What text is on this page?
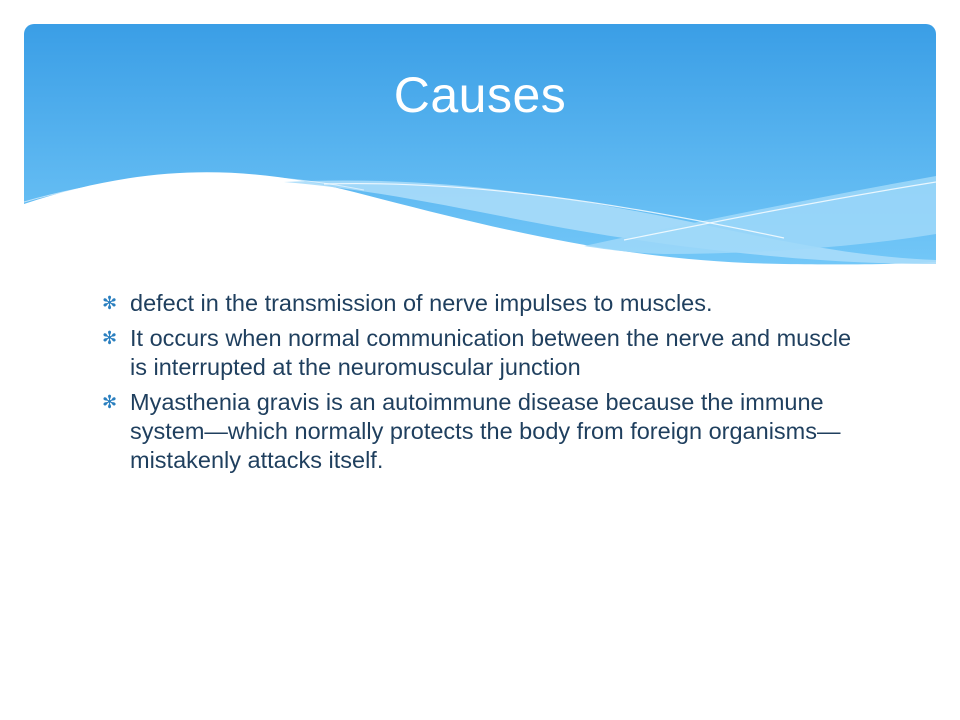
Causes
✻ defect in the transmission of nerve impulses to muscles.
✻ It occurs when normal communication between the nerve and muscle is interrupted at the neuromuscular junction
✻ Myasthenia gravis is an autoimmune disease because the immune system—which normally protects the body from foreign organisms—mistakenly attacks itself.
